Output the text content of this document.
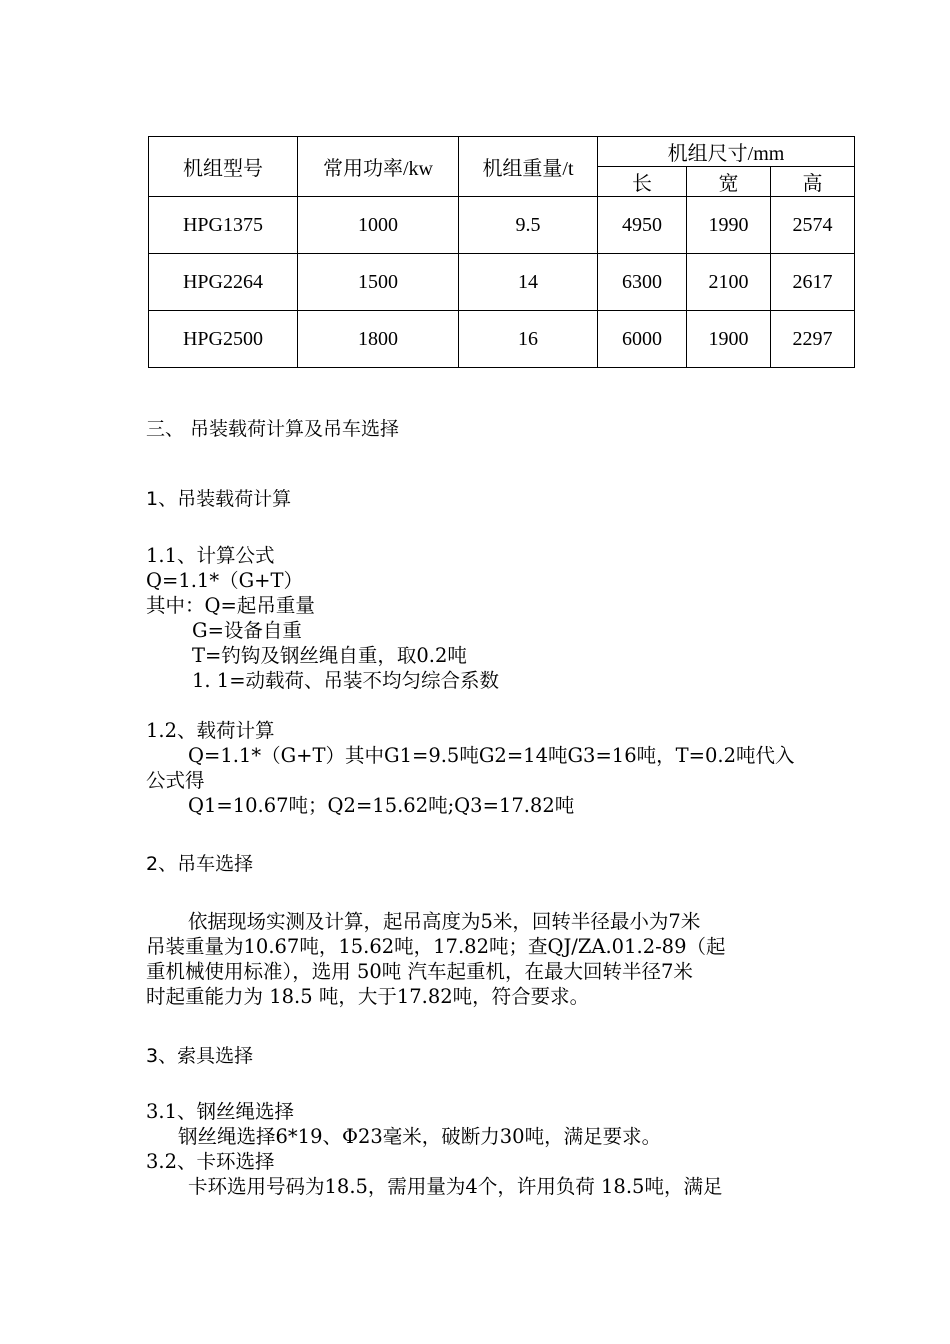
机组型号	常用功率/kw	机组重量/t	机组尺寸/mm		
			长	宽	高
HPG1375	1000	9.5	4950	1990	2574
HPG2264	1500	14	6300	2100	2617
HPG2500	1800	16	6000	1900	2297
三、 吊装载荷计算及吊车选择
1、吊装载荷计算
1.1、计算公式
Q=1.1*（G+T）
其中：Q=起吊重量
G=设备自重
T=钓钩及钢丝绳自重，取0.2吨
1. 1=动载荷、吊装不均匀综合系数
1.2、载荷计算
Q=1.1*（G+T）其中G1=9.5吨G2=14吨G3=16吨，T=0.2吨代入
公式得
Q1=10.67吨；Q2=15.62吨;Q3=17.82吨
2、吊车选择
依据现场实测及计算，起吊高度为5米，回转半径最小为7米
吊装重量为10.67吨，15.62吨，17.82吨；查QJ/ZA.01.2-89（起
重机械使用标准），选用 50吨 汽车起重机，在最大回转半径7米
时起重能力为 18.5 吨，大于17.82吨，符合要求。
3、索具选择
3.1、钢丝绳选择
钢丝绳选择6*19、Φ23毫米，破断力30吨，满足要求。
3.2、卡环选择
卡环选用号码为18.5，需用量为4个，许用负荷 18.5吨，满足
